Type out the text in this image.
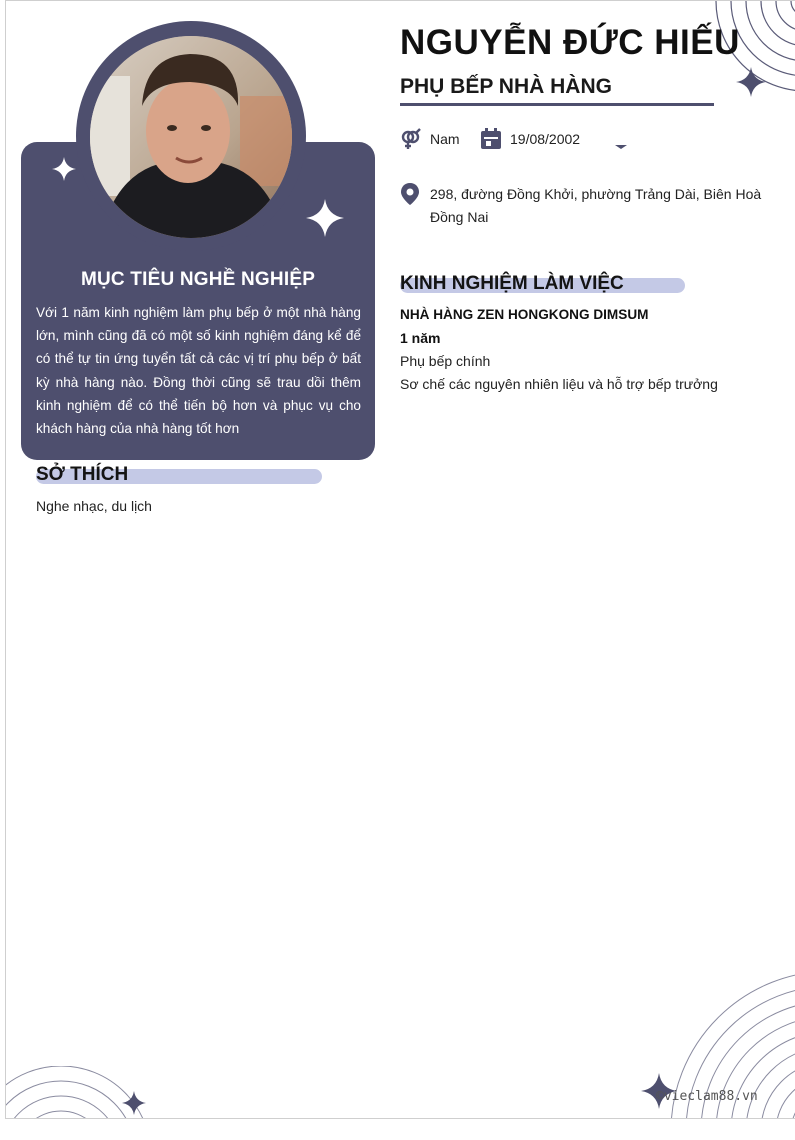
MỤC TIÊU NGHỀ NGHIỆP
Với 1 năm kinh nghiệm làm phụ bếp ở một nhà hàng lớn, mình cũng đã có một số kinh nghiệm đáng kể để có thể tự tin ứng tuyển tất cả các vị trí phụ bếp ở bất kỳ nhà hàng nào. Đồng thời cũng sẽ trau dồi thêm kinh nghiệm để có thể tiến bộ hơn và phục vụ cho khách hàng của nhà hàng tốt hơn
SỞ THÍCH
Nghe nhạc, du lịch
NGUYỄN ĐỨC HIẾU
PHỤ BẾP NHÀ HÀNG
Nam	19/08/2002
298, đường Đồng Khởi, phường Trảng Dài, Biên Hoà Đồng Nai
KINH NGHIỆM LÀM VIỆC
NHÀ HÀNG ZEN HONGKONG DIMSUM
1 năm
Phụ bếp chính
Sơ chế các nguyên nhiên liệu và hỗ trợ bếp trưởng
©vieclam88.vn
